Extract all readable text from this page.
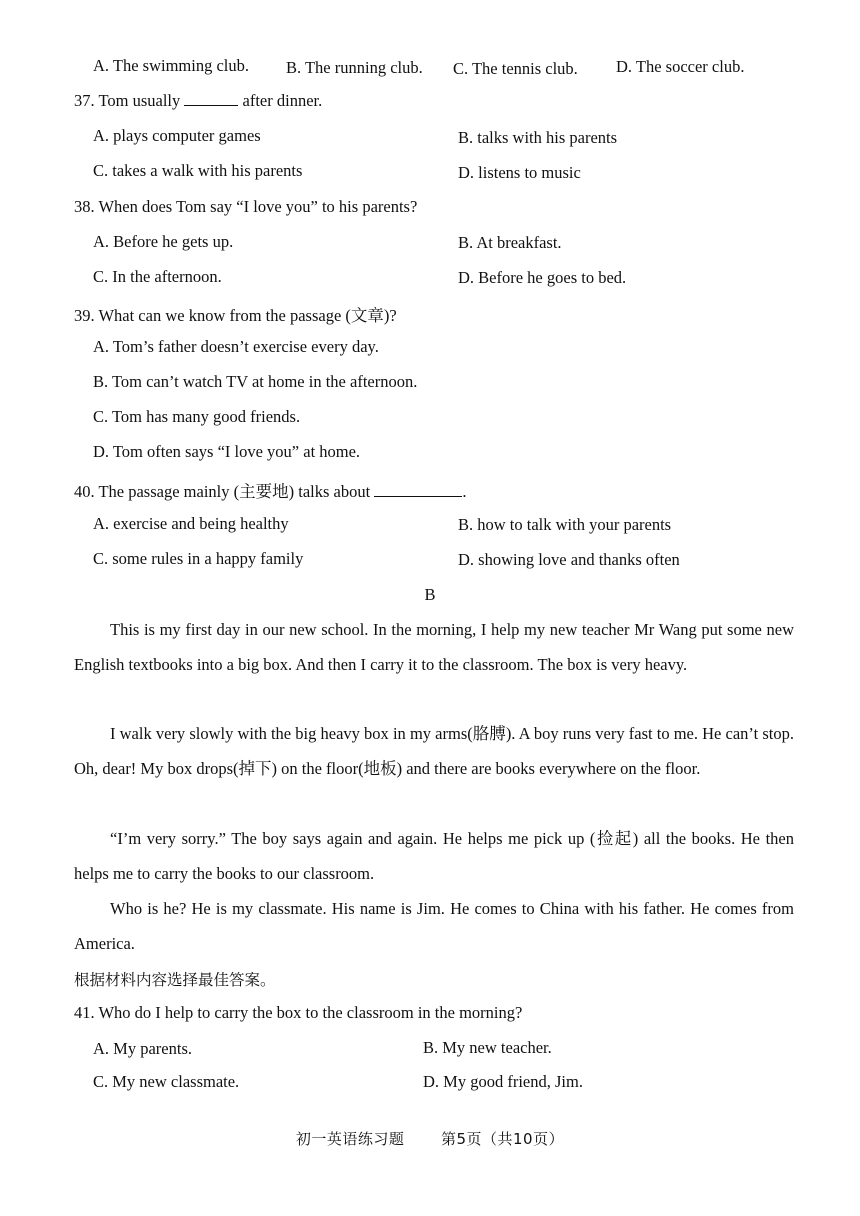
A. The swimming club. B. The running club. C. The tennis club. D. The soccer club.
37. Tom usually	after dinner.
A. plays computer games	B. talks with his parents
C. takes a walk with his parents	D. listens to music
38. When does Tom say “I love you” to his parents?
A. Before he gets up.	B. At breakfast.
C. In the afternoon.	D. Before he goes to bed.
39. What can we know from the passage (文章)?
A. Tom’s father doesn’t exercise every day.
B. Tom can’t watch TV at home in the afternoon.
C. Tom has many good friends.
D. Tom often says “I love you” at home.
40. The passage mainly (主要地) talks about	.
A. exercise and being healthy	B. how to talk with your parents
C. some rules in a happy family	D. showing love and thanks often
B

This is my first day in our new school. In the morning, I help my new teacher Mr Wang put some new English textbooks into a big box. And then I carry it to the classroom. The box is very heavy.

I walk very slowly with the big heavy box in my arms(胳膊). A boy runs very fast to me. He can’t stop. Oh, dear! My box drops(掉下) on the floor(地板) and there are books everywhere on the floor.

“I’m very sorry.” The boy says again and again. He helps me pick up (捡起) all the books. He then helps me to carry the books to our classroom.

Who is he? He is my classmate. His name is Jim. He comes to China with his father. He comes from America.

根据材料内容选择最佳答案。
41. Who do I help to carry the box to the classroom in the morning?
A. My parents.	B. My new teacher.
C. My new classmate.	D. My good friend, Jim.
初一英语练习题 第5页（共10页）
